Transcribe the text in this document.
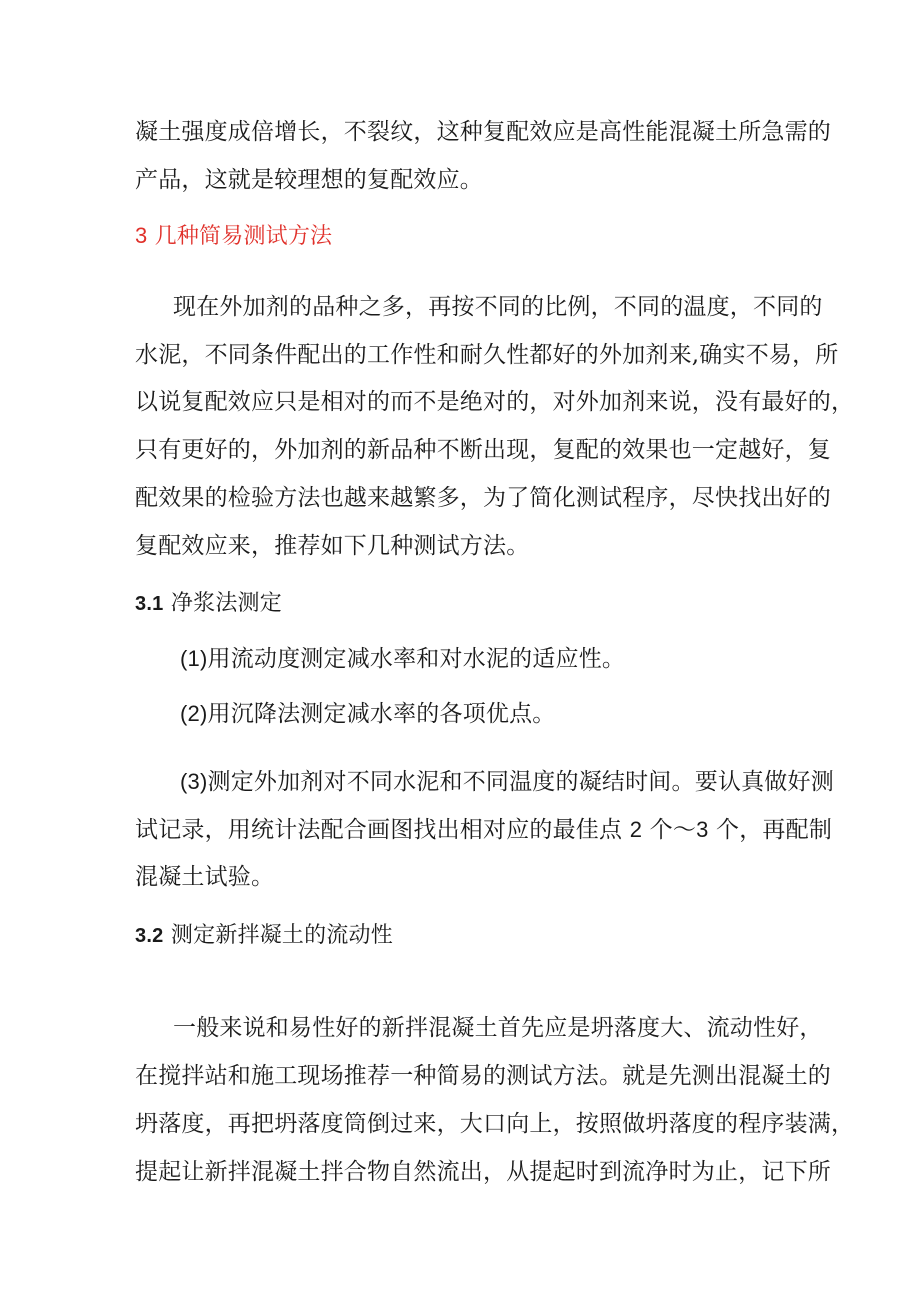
凝土强度成倍增长，不裂纹，这种复配效应是高性能混凝土所急需的
产品，这就是较理想的复配效应。
3 几种简易测试方法
现在外加剂的品种之多，再按不同的比例，不同的温度，不同的
水泥，不同条件配出的工作性和耐久性都好的外加剂来,确实不易，所
以说复配效应只是相对的而不是绝对的，对外加剂来说，没有最好的，
只有更好的，外加剂的新品种不断出现，复配的效果也一定越好，复
配效果的检验方法也越来越繁多，为了简化测试程序，尽快找出好的
复配效应来，推荐如下几种测试方法。
3.1 净浆法测定
(1)用流动度测定减水率和对水泥的适应性。
(2)用沉降法测定减水率的各项优点。
(3)测定外加剂对不同水泥和不同温度的凝结时间。要认真做好测
试记录，用统计法配合画图找出相对应的最佳点 2 个～3 个，再配制
混凝土试验。
3.2 测定新拌凝土的流动性
一般来说和易性好的新拌混凝土首先应是坍落度大、流动性好，
在搅拌站和施工现场推荐一种简易的测试方法。就是先测出混凝土的
坍落度，再把坍落度筒倒过来，大口向上，按照做坍落度的程序装满，
提起让新拌混凝土拌合物自然流出，从提起时到流净时为止，记下所
